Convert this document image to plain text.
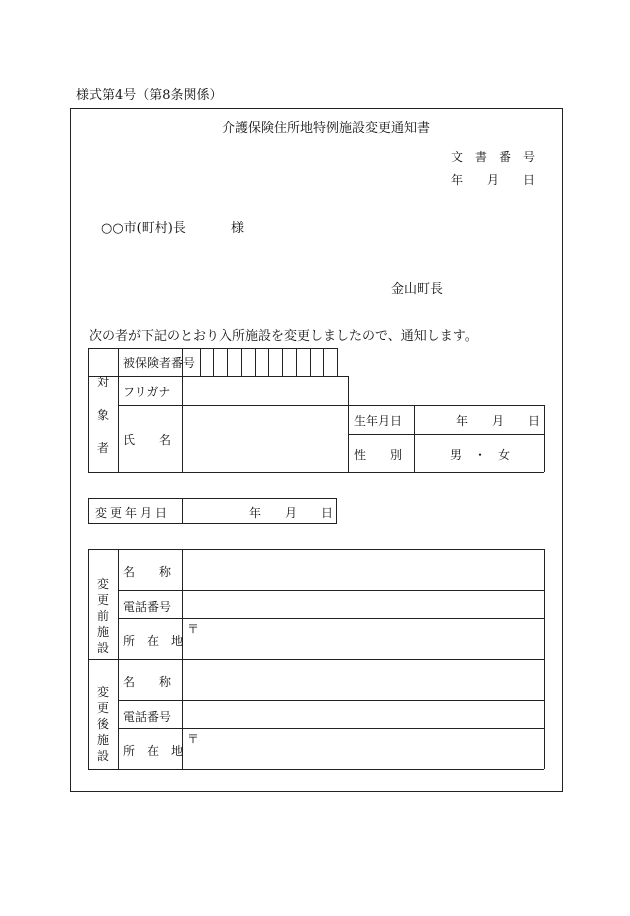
様式第4号（第8条関係）
介護保険住所地特例施設変更通知書
文　書　番　号
年　　月　　日
○○市(町村)長	様
金山町長
次の者が下記のとおり入所施設を変更しましたので、通知します。
対
象
者
被保険者番号
フリガナ
氏　　名
生年月日	年　　月　　日
性　　別	男　・　女
変更年月日	年　　月　　日
変
更
前
施
設
名　　称
電話番号
所　在　地
〒
変
更
後
施
設
名　　称
電話番号
所　在　地
〒
